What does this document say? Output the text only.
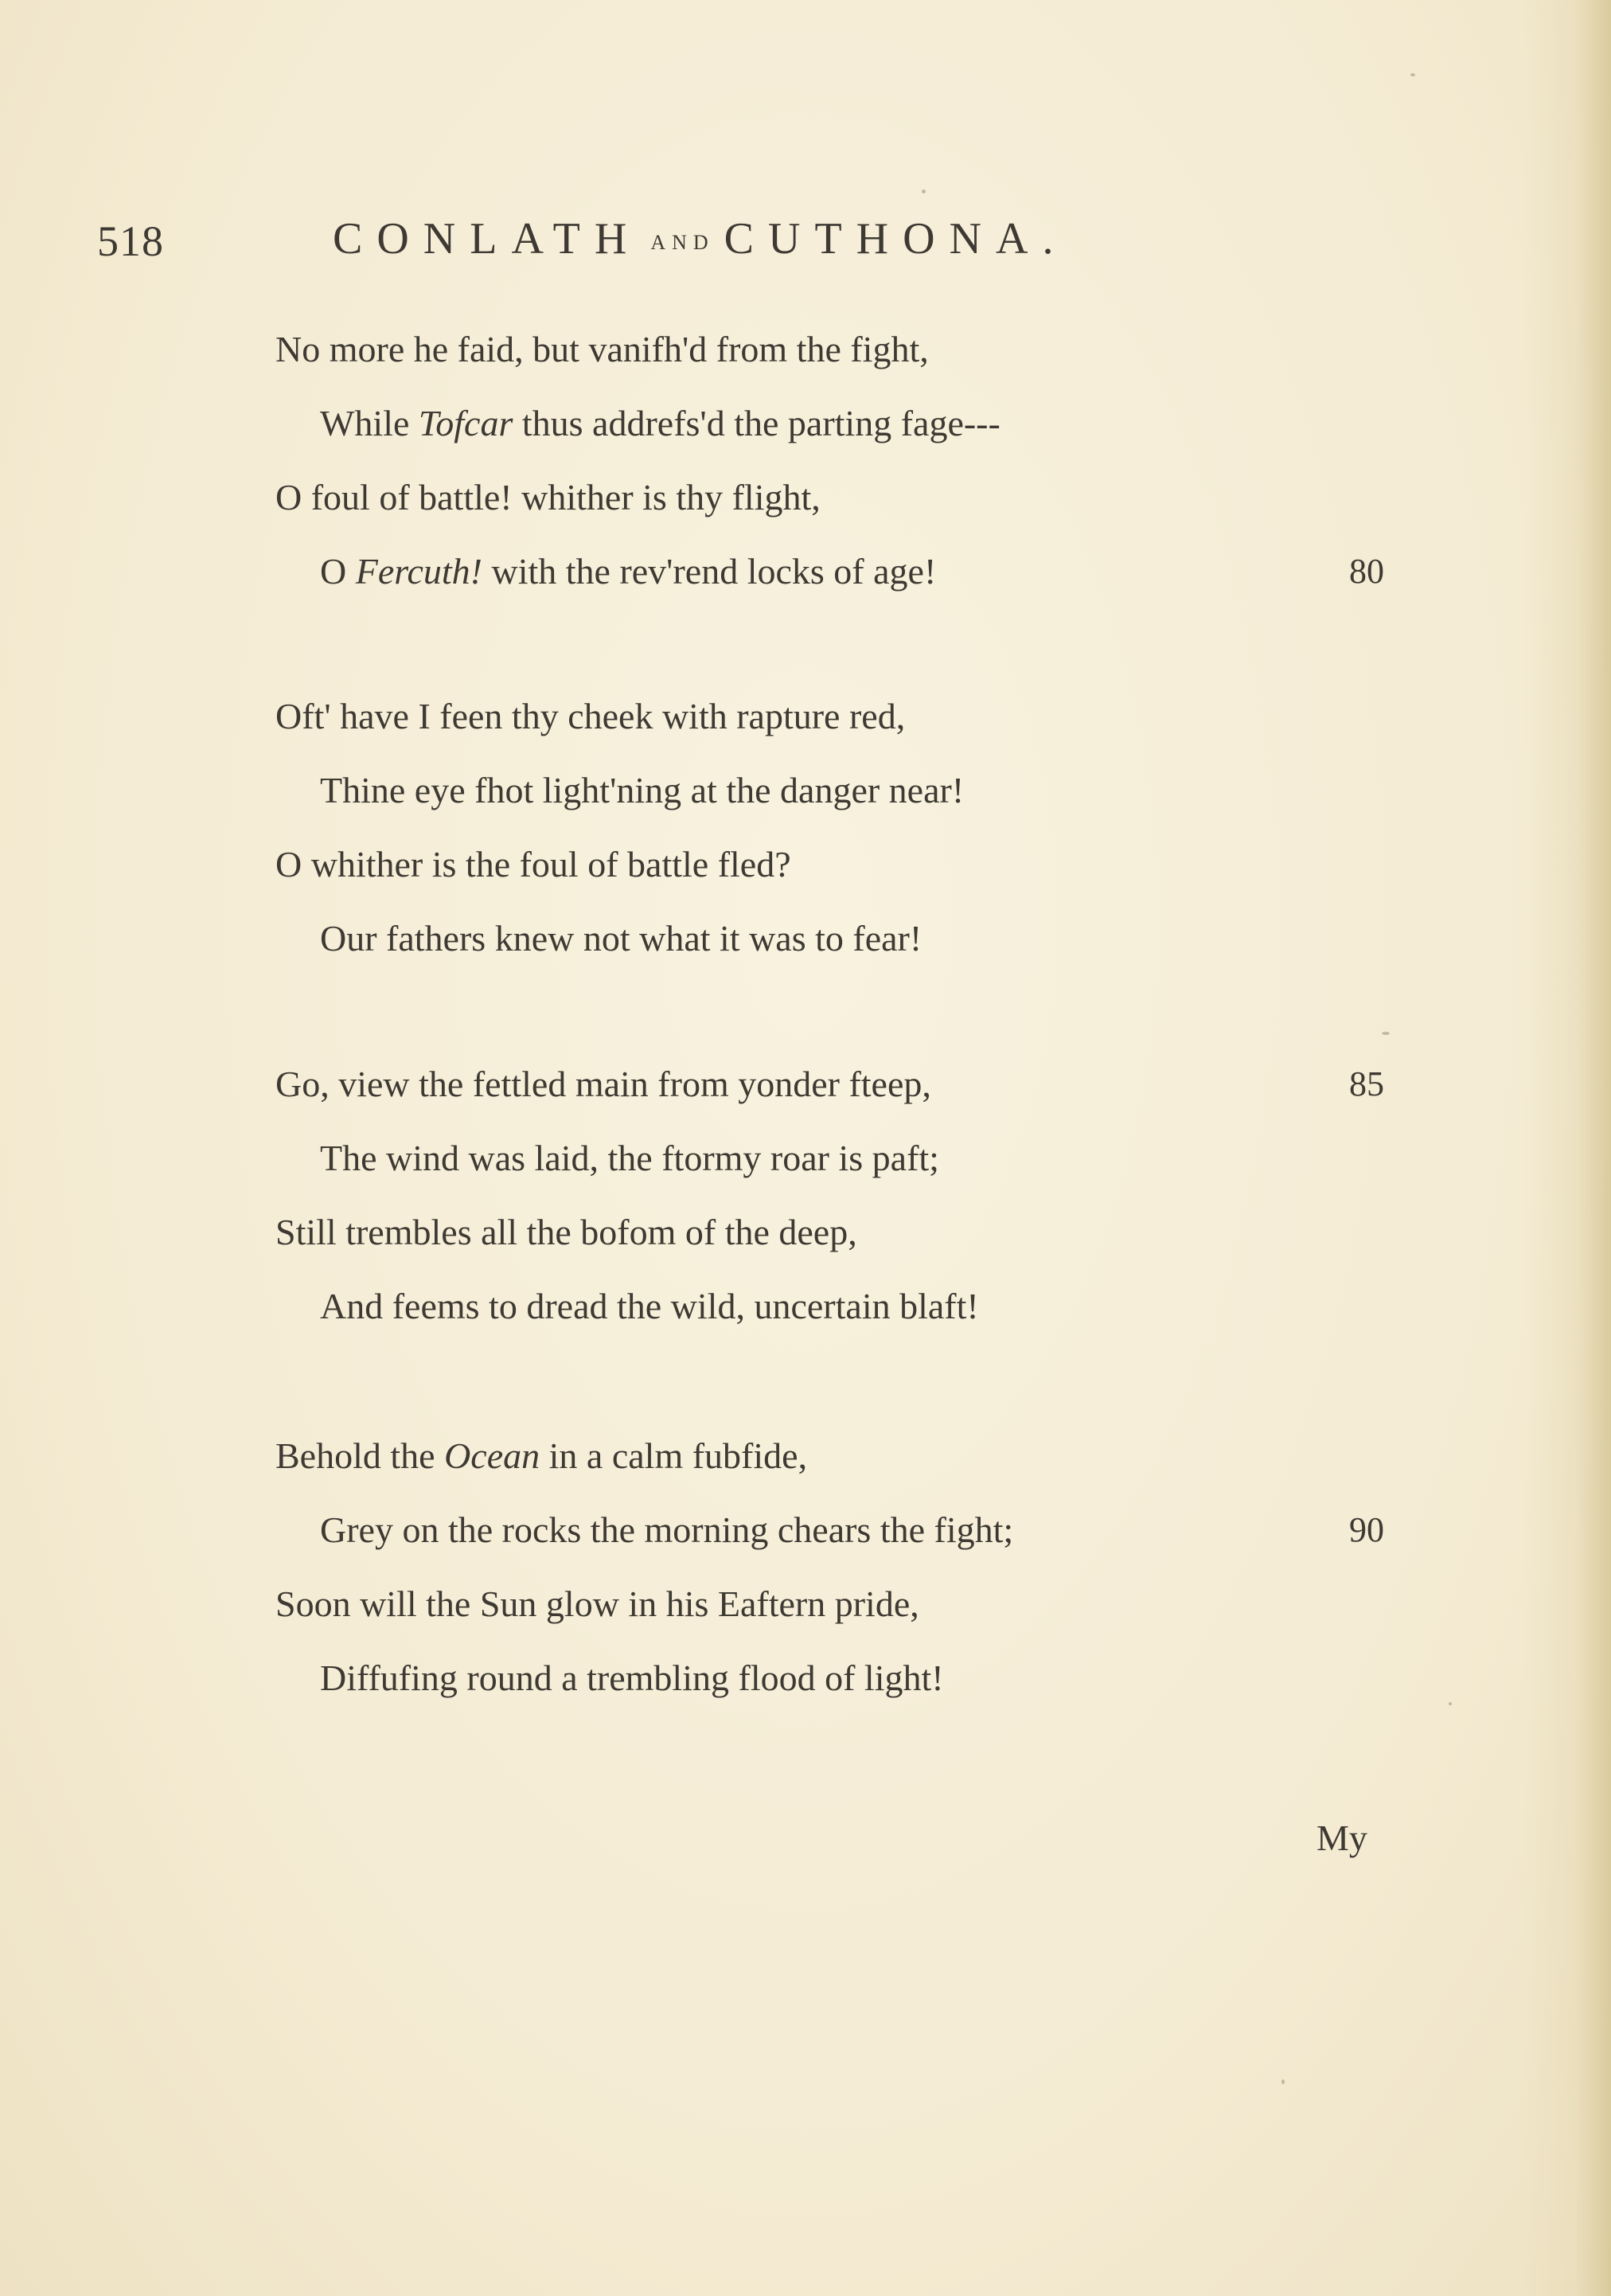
518	CONLATH AND CUTHONA.
No more he faid, but vanifh'd from the fight,
While Tofcar thus addrefs'd the parting fage---
O foul of battle! whither is thy flight,
O Fercuth! with the rev'rend locks of age!	80
Oft' have I feen thy cheek with rapture red,
Thine eye fhot light'ning at the danger near!
O whither is the foul of battle fled?
Our fathers knew not what it was to fear!
Go, view the fettled main from yonder fteep,	85
The wind was laid, the ftormy roar is paft;
Still trembles all the bofom of the deep,
And feems to dread the wild, uncertain blaft!
Behold the Ocean in a calm fubfide,
Grey on the rocks the morning chears the fight;	90
Soon will the Sun glow in his Eaftern pride,
Diffufing round a trembling flood of light!
My
